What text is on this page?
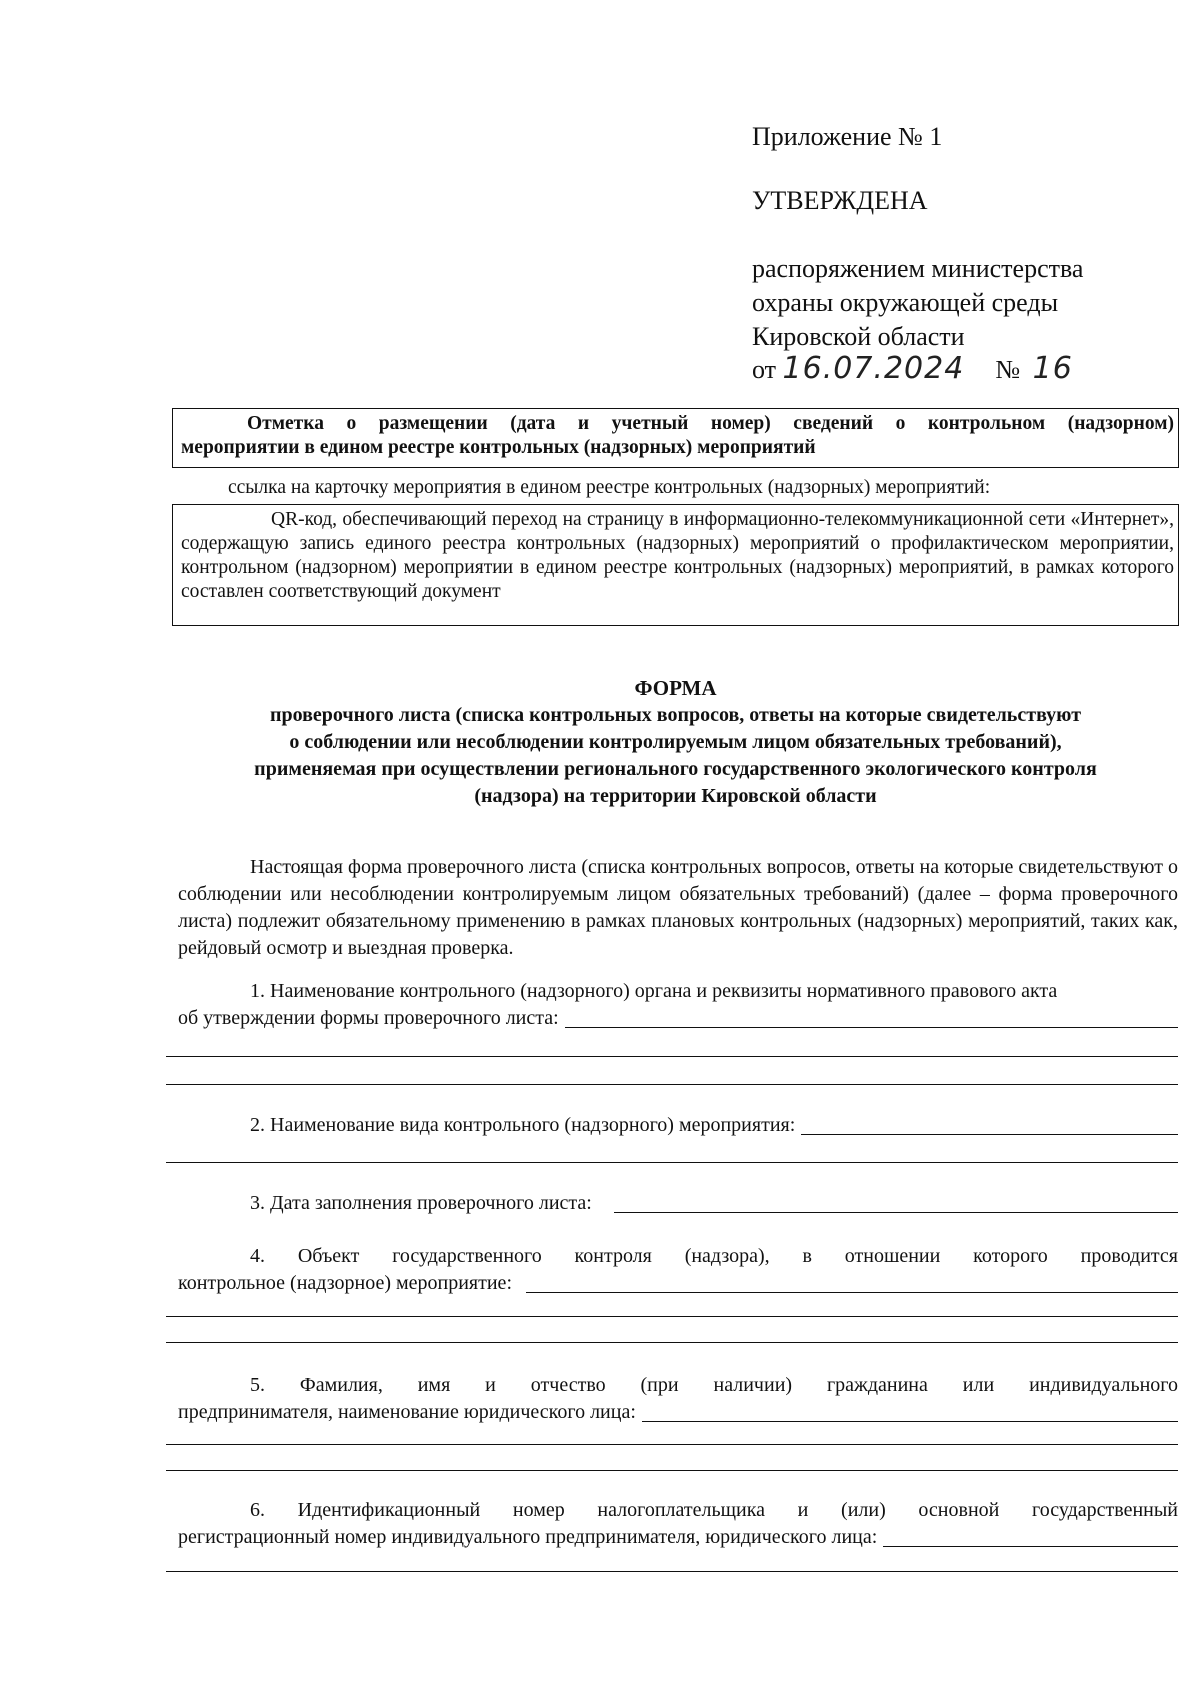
Приложение № 1
УТВЕРЖДЕНА
распоряжением министерства
охраны окружающей среды
Кировской области
от 16.07.2024 № 16
Отметка о размещении (дата и учетный номер) сведений о контрольном (надзорном)
мероприятии в едином реестре контрольных (надзорных) мероприятий
ссылка на карточку мероприятия в едином реестре контрольных (надзорных) мероприятий:
QR-код, обеспечивающий переход на страницу в информационно-телекоммуникационной сети «Интернет», содержащую запись единого реестра контрольных (надзорных) мероприятий о профилактическом мероприятии, контрольном (надзорном) мероприятии в едином реестре контрольных (надзорных) мероприятий, в рамках которого составлен соответствующий документ
ФОРМА
проверочного листа (списка контрольных вопросов, ответы на которые свидетельствуют
о соблюдении или несоблюдении контролируемым лицом обязательных требований),
применяемая при осуществлении регионального государственного экологического контроля
(надзора) на территории Кировской области
Настоящая форма проверочного листа (списка контрольных вопросов, ответы на которые свидетельствуют о соблюдении или несоблюдении контролируемым лицом обязательных требований) (далее – форма проверочного листа) подлежит обязательному применению в рамках плановых контрольных (надзорных) мероприятий, таких как, рейдовый осмотр и выездная проверка.
1. Наименование контрольного (надзорного) органа и реквизиты нормативного правового акта
об утверждении формы проверочного листа:
2. Наименование вида контрольного (надзорного) мероприятия:
3. Дата заполнения проверочного листа:
4. Объект государственного контроля (надзора), в отношении которого проводится
контрольное (надзорное) мероприятие:
5. Фамилия, имя и отчество (при наличии) гражданина или индивидуального
предпринимателя, наименование юридического лица:
6. Идентификационный номер налогоплательщика и (или) основной государственный
регистрационный номер индивидуального предпринимателя, юридического лица:
